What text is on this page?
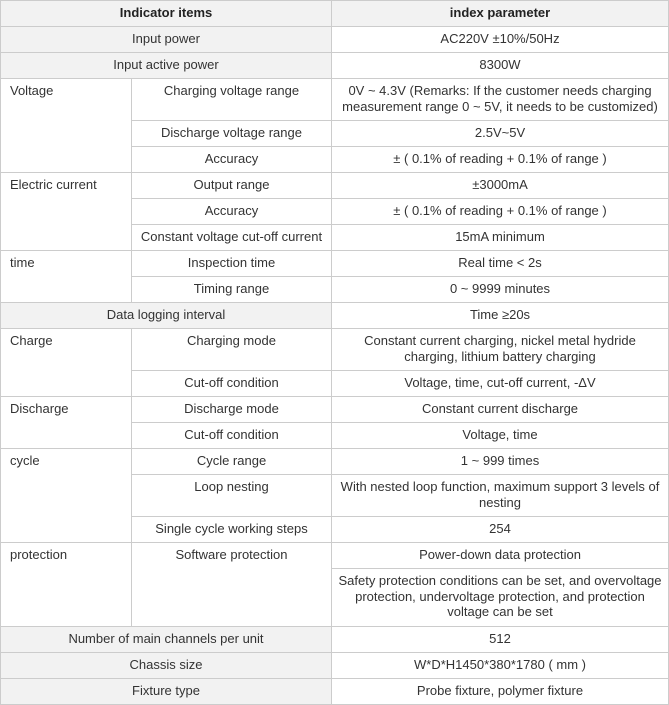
Indicator items		index parameter
Input power		AC220V ±10%/50Hz
Input active power		8300W
Voltage	Charging voltage range	0V ~ 4.3V (Remarks: If the customer needs charging measurement range 0 ~ 5V, it needs to be customized)
	Discharge voltage range	2.5V~5V
	Accuracy	± ( 0.1% of reading + 0.1% of range )
Electric current	Output range	±3000mA
	Accuracy	± ( 0.1% of reading + 0.1% of range )
	Constant voltage cut-off current	15mA minimum
time	Inspection time	Real time < 2s
	Timing range	0 ~ 9999 minutes
Data logging interval		Time ≥20s
Charge	Charging mode	Constant current charging, nickel metal hydride charging, lithium battery charging
	Cut-off condition	Voltage, time, cut-off current, -ΔV
Discharge	Discharge mode	Constant current discharge
	Cut-off condition	Voltage, time
cycle	Cycle range	1 ~ 999 times
	Loop nesting	With nested loop function, maximum support 3 levels of nesting
	Single cycle working steps	254
protection	Software protection	Power-down data protection
		Safety protection conditions can be set, and overvoltage protection, undervoltage protection, and protection voltage can be set
Number of main channels per unit		512
Chassis size		W*D*H1450*380*1780 ( mm )
Fixture type		Probe fixture, polymer fixture
